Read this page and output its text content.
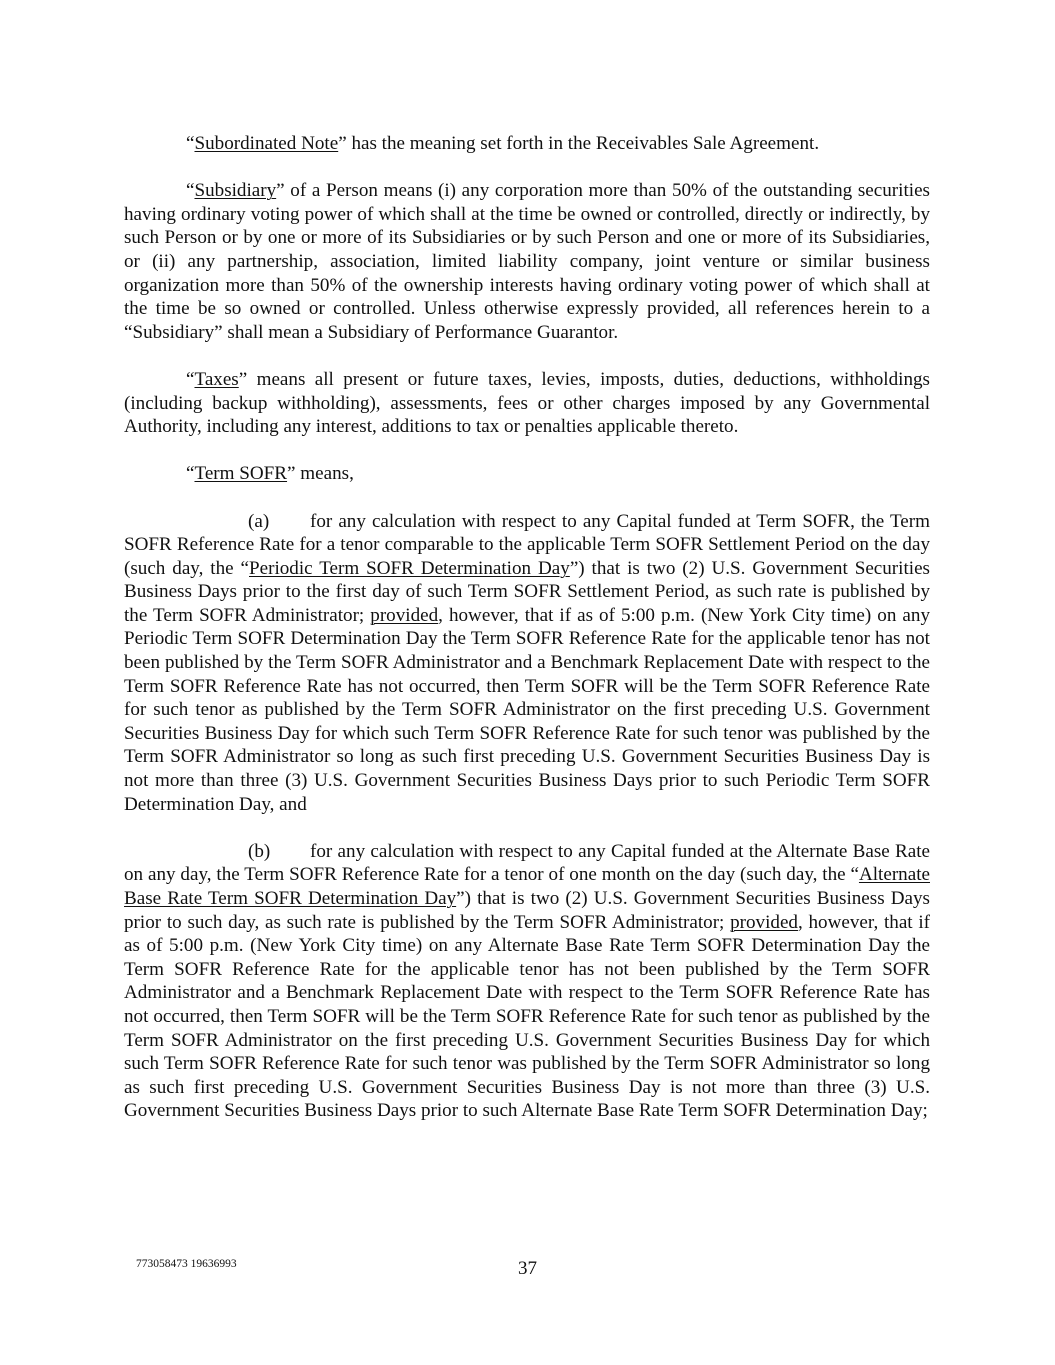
“Subordinated Note” has the meaning set forth in the Receivables Sale Agreement.

“Subsidiary” of a Person means (i) any corporation more than 50% of the outstanding securities having ordinary voting power of which shall at the time be owned or controlled, directly or indirectly, by such Person or by one or more of its Subsidiaries or by such Person and one or more of its Subsidiaries, or (ii) any partnership, association, limited liability company, joint venture or similar business organization more than 50% of the ownership interests having ordinary voting power of which shall at the time be so owned or controlled. Unless otherwise expressly provided, all references herein to a “Subsidiary” shall mean a Subsidiary of Performance Guarantor.

“Taxes” means all present or future taxes, levies, imposts, duties, deductions, withholdings (including backup withholding), assessments, fees or other charges imposed by any Governmental Authority, including any interest, additions to tax or penalties applicable thereto.

“Term SOFR” means,

(a) for any calculation with respect to any Capital funded at Term SOFR, the Term SOFR Reference Rate for a tenor comparable to the applicable Term SOFR Settlement Period on the day (such day, the “Periodic Term SOFR Determination Day”) that is two (2) U.S. Government Securities Business Days prior to the first day of such Term SOFR Settlement Period, as such rate is published by the Term SOFR Administrator; provided, however, that if as of 5:00 p.m. (New York City time) on any Periodic Term SOFR Determination Day the Term SOFR Reference Rate for the applicable tenor has not been published by the Term SOFR Administrator and a Benchmark Replacement Date with respect to the Term SOFR Reference Rate has not occurred, then Term SOFR will be the Term SOFR Reference Rate for such tenor as published by the Term SOFR Administrator on the first preceding U.S. Government Securities Business Day for which such Term SOFR Reference Rate for such tenor was published by the Term SOFR Administrator so long as such first preceding U.S. Government Securities Business Day is not more than three (3) U.S. Government Securities Business Days prior to such Periodic Term SOFR Determination Day, and

(b) for any calculation with respect to any Capital funded at the Alternate Base Rate on any day, the Term SOFR Reference Rate for a tenor of one month on the day (such day, the “Alternate Base Rate Term SOFR Determination Day”) that is two (2) U.S. Government Securities Business Days prior to such day, as such rate is published by the Term SOFR Administrator; provided, however, that if as of 5:00 p.m. (New York City time) on any Alternate Base Rate Term SOFR Determination Day the Term SOFR Reference Rate for the applicable tenor has not been published by the Term SOFR Administrator and a Benchmark Replacement Date with respect to the Term SOFR Reference Rate has not occurred, then Term SOFR will be the Term SOFR Reference Rate for such tenor as published by the Term SOFR Administrator on the first preceding U.S. Government Securities Business Day for which such Term SOFR Reference Rate for such tenor was published by the Term SOFR Administrator so long as such first preceding U.S. Government Securities Business Day is not more than three (3) U.S. Government Securities Business Days prior to such Alternate Base Rate Term SOFR Determination Day;

773058473 19636993	37
